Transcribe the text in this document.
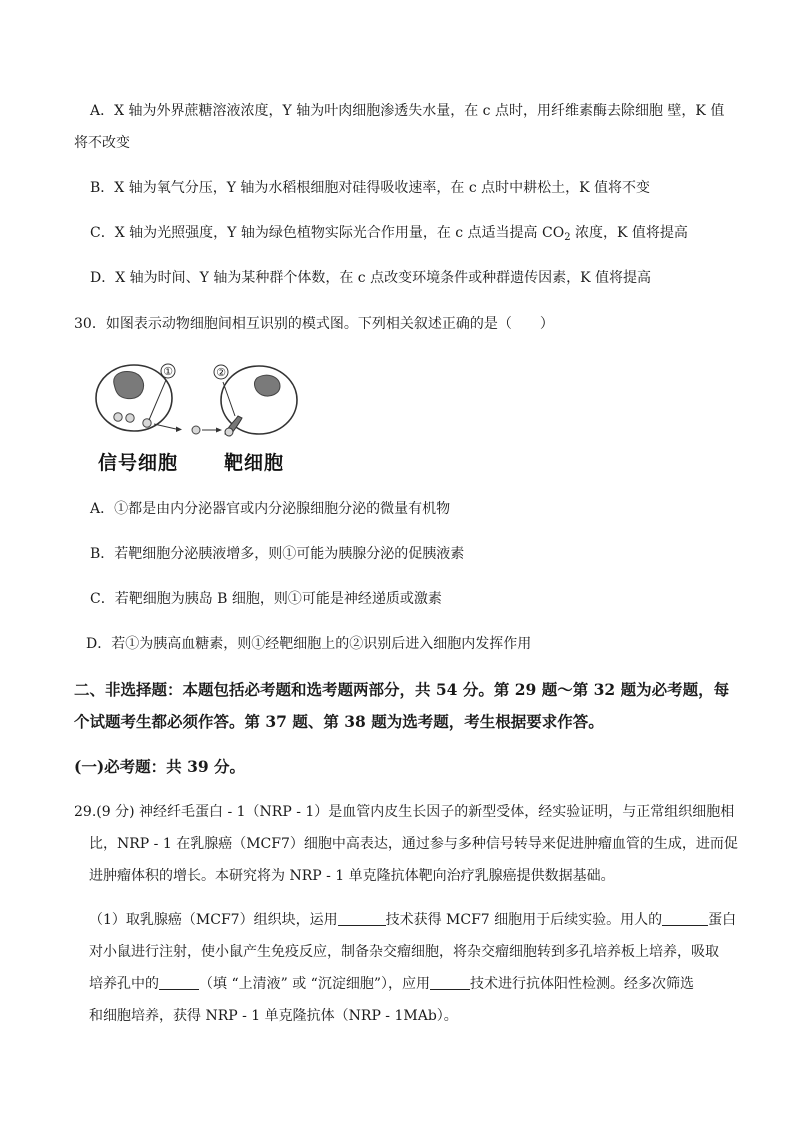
A．X 轴为外界蔗糖溶液浓度，Y 轴为叶肉细胞渗透失水量，在 c 点时，用纤维素酶去除细胞 壁，K 值
将不改变
B．X 轴为氧气分压，Y 轴为水稻根细胞对硅得吸收速率，在 c 点时中耕松土，K 值将不变
C．X 轴为光照强度，Y 轴为绿色植物实际光合作用量，在 c 点适当提高 $CO_2$ 浓度，K 值将提高
D．X 轴为时间、Y 轴为某种群个体数，在 c 点改变环境条件或种群遗传因素，K 值将提高
30．如图表示动物细胞间相互识别的模式图。下列相关叙述正确的是（　　）
①	②
信号细胞 靶细胞
A．①都是由内分泌器官或内分泌腺细胞分泌的微量有机物
B．若靶细胞分泌胰液增多，则①可能为胰腺分泌的促胰液素
C．若靶细胞为胰岛 B 细胞，则①可能是神经递质或激素
D．若①为胰高血糖素，则①经靶细胞上的②识别后进入细胞内发挥作用
二、非选择题：本题包括必考题和选考题两部分，共 54 分。第 29 题～第 32 题为必考题，每
个试题考生都必须作答。第 37 题、第 38 题为选考题，考生根据要求作答。
(一)必考题：共 39 分。
29.(9 分) 神经纤毛蛋白 - 1（NRP - 1）是血管内皮生长因子的新型受体，经实验证明，与正常组织细胞相
比，NRP - 1 在乳腺癌（MCF7）细胞中高表达，通过参与多种信号转导来促进肿瘤血管的生成，进而促
进肿瘤体积的增长。本研究将为 NRP - 1 单克隆抗体靶向治疗乳腺癌提供数据基础。
（1）取乳腺癌（MCF7）组织块，运用	技术获得 MCF7 细胞用于后续实验。用人的	蛋白
对小鼠进行注射，使小鼠产生免疫反应，制备杂交瘤细胞，将杂交瘤细胞转到多孔培养板上培养，吸取
培养孔中的	（填 “上清液” 或 “沉淀细胞”），应用	技术进行抗体阳性检测。经多次筛选
和细胞培养，获得 NRP - 1 单克隆抗体（NRP - 1MAb）。
